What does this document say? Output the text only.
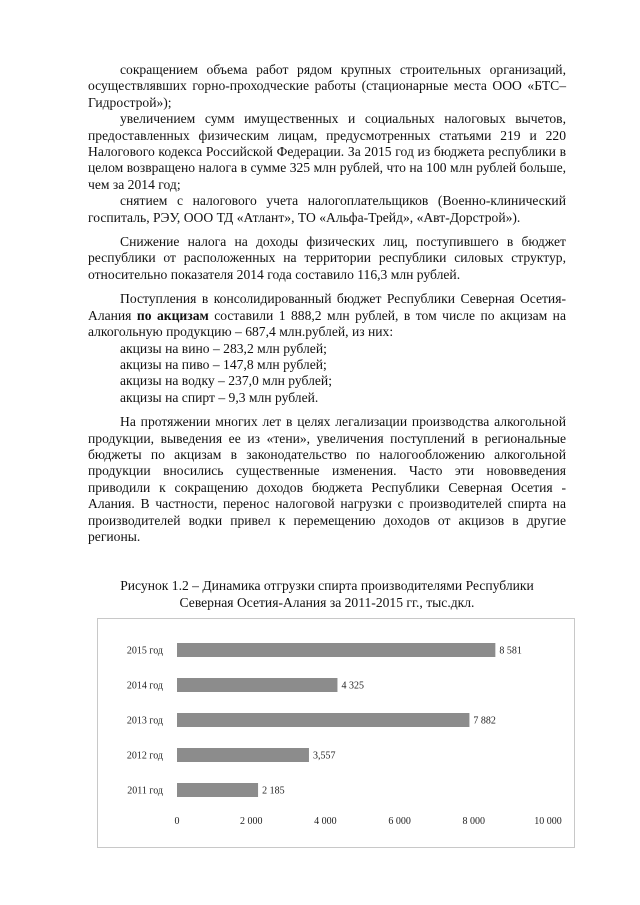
сокращением объема работ рядом крупных строительных организаций, осуществлявших горно-проходческие работы (стационарные места ООО «БТС–Гидрострой»);

увеличением сумм имущественных и социальных налоговых вычетов, предоставленных физическим лицам, предусмотренных статьями 219 и 220 Налогового кодекса Российской Федерации. За 2015 год из бюджета республики в целом возвращено налога в сумме 325 млн рублей, что на 100 млн рублей больше, чем за 2014 год;

снятием с налогового учета налогоплательщиков (Военно-клинический госпиталь, РЭУ, ООО ТД «Атлант», ТО «Альфа-Трейд», «Авт-Дорстрой»).

Снижение налога на доходы физических лиц, поступившего в бюджет республики от расположенных на территории республики силовых структур, относительно показателя 2014 года составило 116,3 млн рублей.

Поступления в консолидированный бюджет Республики Северная Осетия-Алания по акцизам составили 1 888,2 млн рублей, в том числе по акцизам на алкогольную продукцию – 687,4 млн.рублей, из них:

акцизы на вино – 283,2 млн рублей;
акцизы на пиво – 147,8 млн рублей;
акцизы на водку – 237,0 млн рублей;
акцизы на спирт – 9,3 млн рублей.

На протяжении многих лет в целях легализации производства алкогольной продукции, выведения ее из «тени», увеличения поступлений в региональные бюджеты по акцизам в законодательство по налогообложению алкогольной продукции вносились существенные изменения. Часто эти нововведения приводили к сокращению доходов бюджета Республики Северная Осетия - Алания. В частности, перенос налоговой нагрузки с производителей спирта на производителей водки привел к перемещению доходов от акцизов в другие регионы.

Рисунок 1.2 – Динамика отгрузки спирта производителями Республики
Северная Осетия-Алания за 2011-2015 гг., тыс.дкл.
2015 год	8 581
2014 год	4 325
2013 год	7 882
2012 год	3,557
2011 год	2 185
0	2 000	4 000	6 000	8 000	10 000
